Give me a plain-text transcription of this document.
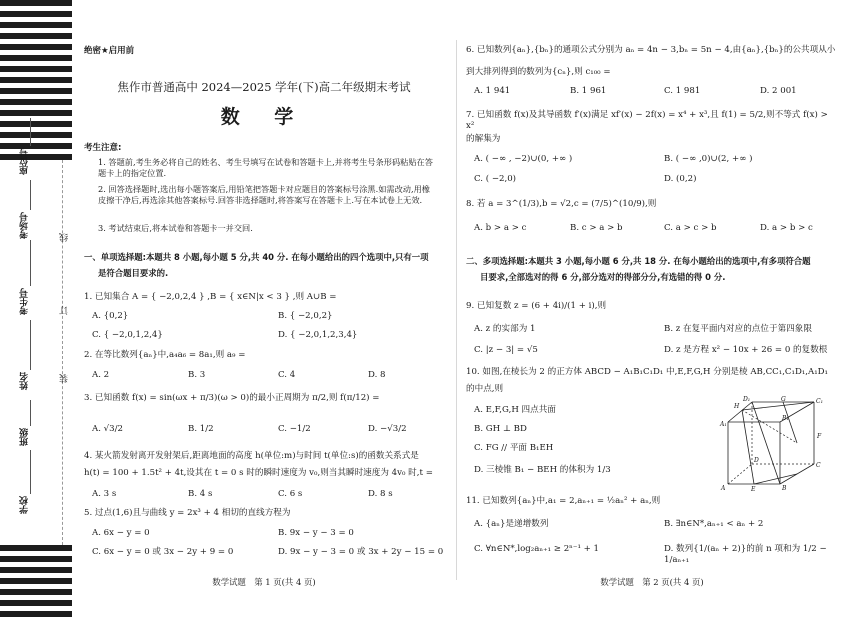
座位号
考场号
考生号
姓名
班级
学校
线
订
装
绝密★启用前
焦作市普通高中 2024—2025 学年(下)高二年级期末考试
数 学
考生注意:
1. 答题前,考生务必将自己的姓名、考生号填写在试卷和答题卡上,并将考生号条形码粘贴在答题卡上的指定位置.
2. 回答选择题时,选出每小题答案后,用铅笔把答题卡对应题目的答案标号涂黑.如需改动,用橡皮擦干净后,再选涂其他答案标号.回答非选择题时,将答案写在答题卡上.写在本试卷上无效.
3. 考试结束后,将本试卷和答题卡一并交回.
一、单项选择题:本题共 8 小题,每小题 5 分,共 40 分. 在每小题给出的四个选项中,只有一项
是符合题目要求的.
1. 已知集合 A = { −2,0,2,4 } ,B = { x∈N|x < 3 } ,则 A∪B =
A. {0,2}	B. { −2,0,2}
C. { −2,0,1,2,4}	D. { −2,0,1,2,3,4}
2. 在等比数列{aₙ}中,a₄a₆ = 8a₁,则 a₉ =
A. 2	B. 3	C. 4	D. 8
3. 已知函数 f(x) = sin(ωx + π/3)(ω > 0)的最小正周期为 π/2,则 f(π/12) =
A. √3/2	B. 1/2	C. −1/2	D. −√3/2
4. 某火箭发射离开发射架后,距离地面的高度 h(单位:m)与时间 t(单位:s)的函数关系式是
h(t) = 100 + 1.5t² + 4t,设其在 t = 0 s 时的瞬时速度为 v₀,则当其瞬时速度为 4v₀ 时,t =
A. 3 s	B. 4 s	C. 6 s	D. 8 s
5. 过点(1,6)且与曲线 y = 2x³ + 4 相切的直线方程为
A. 6x − y = 0	B. 9x − y − 3 = 0
C. 6x − y = 0 或 3x − 2y + 9 = 0	D. 9x − y − 3 = 0 或 3x + 2y − 15 = 0
数学试题　第 1 页(共 4 页)
6. 已知数列{aₙ},{bₙ}的通项公式分别为 aₙ = 4n − 3,bₙ = 5n − 4,由{aₙ},{bₙ}的公共项从小
到大排列得到的数列为{cₙ},则 c₁₀₀ =
A. 1 941	B. 1 961	C. 1 981	D. 2 001
7. 已知函数 f(x)及其导函数 f′(x)满足 xf′(x) − 2f(x) = x⁴ + x³,且 f(1) = 5/2,则不等式 f(x) > x²
的解集为
A. ( −∞ , −2)∪(0, +∞ )	B. ( −∞ ,0)∪(2, +∞ )
C. ( −2,0)	D. (0,2)
8. 若 a = 3^(1/3),b = √2,c = (7/5)^(10/9),则
A. b > a > c	B. c > a > b	C. a > c > b	D. a > b > c
二、多项选择题:本题共 3 小题,每小题 6 分,共 18 分. 在每小题给出的选项中,有多项符合题
目要求,全部选对的得 6 分,部分选对的得部分分,有选错的得 0 分.
9. 已知复数 z = (6 + 4i)/(1 + i),则
A. z 的实部为 1	B. z 在复平面内对应的点位于第四象限
C. |z − 3| = √5	D. z 是方程 x² − 10x + 26 = 0 的复数根
10. 如图,在棱长为 2 的正方体 ABCD − A₁B₁C₁D₁ 中,E,F,G,H 分别是棱 AB,CC₁,C₁D₁,A₁D₁
的中点,则
A. E,F,G,H 四点共面
B. GH ⊥ BD
C. FG // 平面 B₁EH
D. 三棱锥 B₁ − BEH 的体积为 1/3
A₁
D₁
H
G	C₁
B₁
F
D
C
A	E	B
11. 已知数列{aₙ}中,a₁ = 2,aₙ₊₁ = ½aₙ² + aₙ,则
A. {aₙ}是递增数列	B. ∃n∈N*,aₙ₊₁ < aₙ + 2
C. ∀n∈N*,log₂aₙ₊₁ ≥ 2ⁿ⁻¹ + 1	D. 数列{1/(aₙ + 2)}的前 n 项和为 1/2 − 1/aₙ₊₁
数学试题　第 2 页(共 4 页)
